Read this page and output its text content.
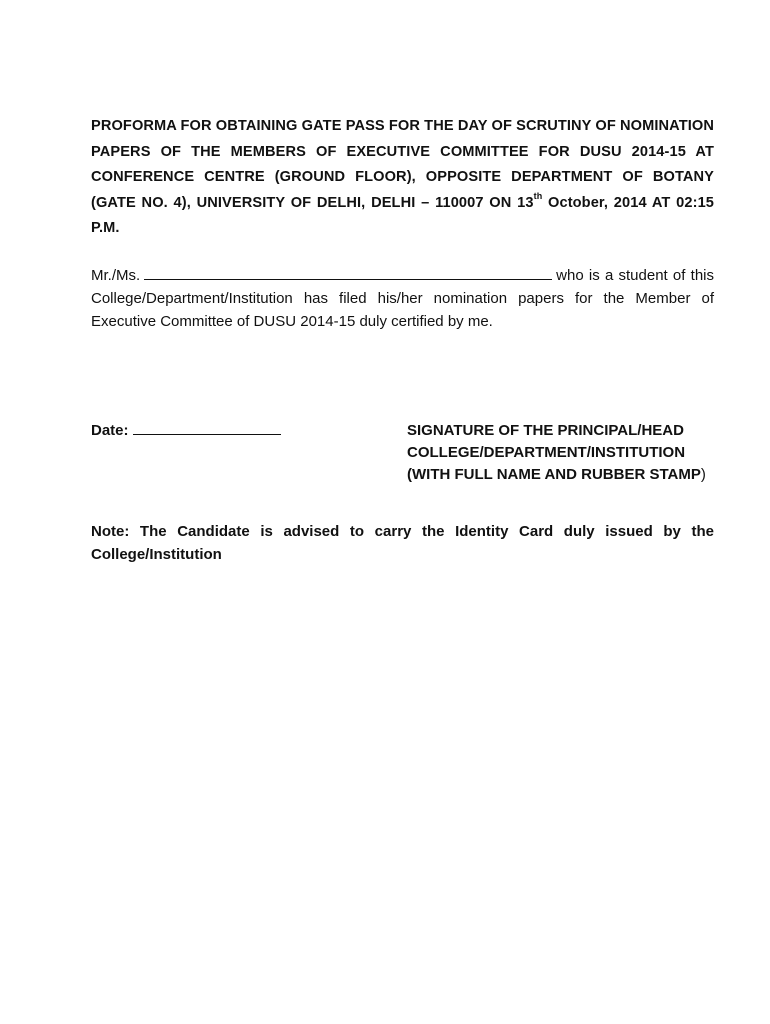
PROFORMA FOR OBTAINING GATE PASS FOR THE DAY OF SCRUTINY OF NOMINATION PAPERS OF THE MEMBERS OF EXECUTIVE COMMITTEE FOR DUSU 2014-15 AT CONFERENCE CENTRE (GROUND FLOOR), OPPOSITE DEPARTMENT OF BOTANY (GATE NO. 4), UNIVERSITY OF DELHI, DELHI – 110007 ON 13th October, 2014 AT 02:15 P.M.
Mr./Ms.	who is a student of this College/Department/Institution has filed his/her nomination papers for the Member of Executive Committee of DUSU 2014-15 duly certified by me.
Date:	SIGNATURE OF THE PRINCIPAL/HEAD
COLLEGE/DEPARTMENT/INSTITUTION
(WITH FULL NAME AND RUBBER STAMP)
Note: The Candidate is advised to carry the Identity Card duly issued by the College/Institution
